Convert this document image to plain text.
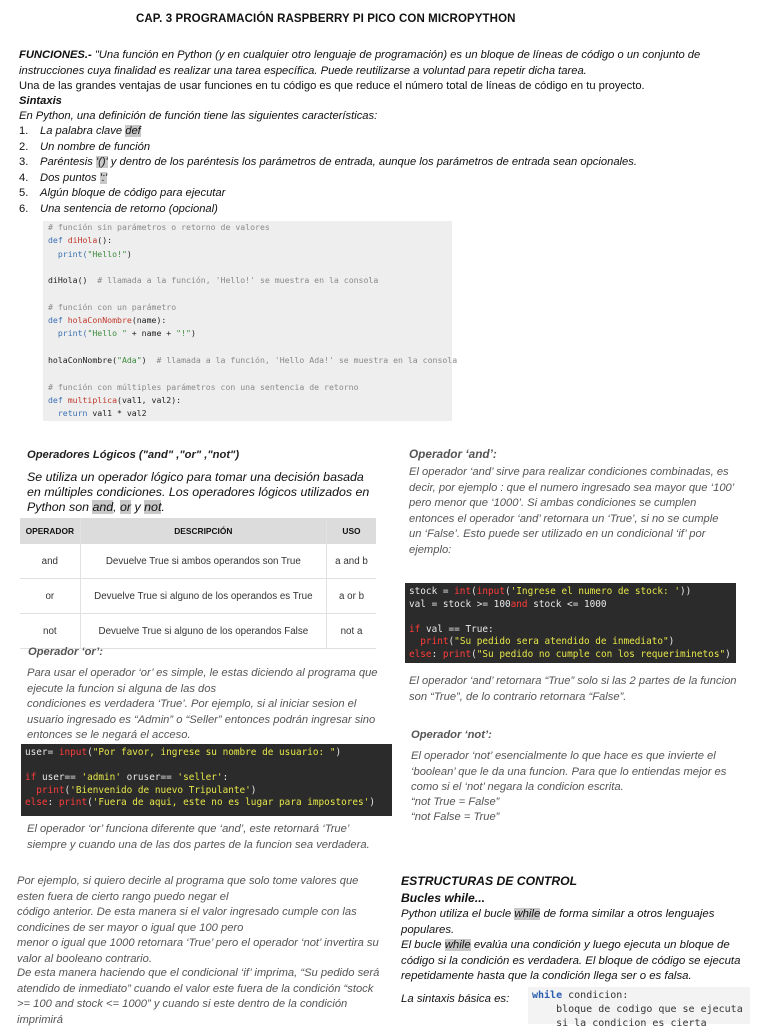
CAP. 3 PROGRAMACIÓN RASPBERRY PI PICO CON MICROPYTHON
FUNCIONES.- "Una función en Python (y en cualquier otro lenguaje de programación) es un bloque de líneas de código o un conjunto de instrucciones cuya finalidad es realizar una tarea específica. Puede reutilizarse a voluntad para repetir dicha tarea.
Una de las grandes ventajas de usar funciones en tu código es que reduce el número total de líneas de código en tu proyecto.
Sintaxis
En Python, una definición de función tiene las siguientes características:
1. La palabra clave def
2. Un nombre de función
3. Paréntesis '()' y dentro de los paréntesis los parámetros de entrada, aunque los parámetros de entrada sean opcionales.
4. Dos puntos ':'
5. Algún bloque de código para ejecutar
6. Una sentencia de retorno (opcional)
# función sin parámetros o retorno de valores
def diHola():
print("Hello!")
diHola()  # llamada a la función, 'Hello!' se muestra en la consola
# función con un parámetro
def holaConNombre(name):
print("Hello " + name + "!")
holaConNombre("Ada")  # llamada a la función, 'Hello Ada!' se muestra en la consola
# función con múltiples parámetros con una sentencia de retorno
def multiplica(val1, val2):
return val1 * val2
Operadores Lógicos ("and" ,"or" ,"not")
Se utiliza un operador lógico para tomar una decisión basada en múltiples condiciones. Los operadores lógicos utilizados en Python son and, or y not.
OPERADOR	DESCRIPCIÓN	USO
and	Devuelve True si ambos operandos son True	a and b
or	Devuelve True si alguno de los operandos es True	a or b
not	Devuelve True si alguno de los operandos False	not a
Operador ‘or’:
Para usar el operador ‘or’ es simple, le estas diciendo al programa que ejecute la funcion si alguna de las dos
condiciones es verdadera ‘True’. Por ejemplo, si al iniciar sesion el usuario ingresado es “Admin” o “Seller” entonces podrán ingresar sino entonces se le negará el acceso.
user= input("Por favor, ingrese su nombre de usuario: ")
if user== 'admin' oruser== 'seller':
print('Bienvenido de nuevo Tripulante')
else: print('Fuera de aqui, este no es lugar para impostores')
El operador ‘or’ funciona diferente que ‘and’, este retornará ‘True’ siempre y cuando una de las dos partes de la funcion sea verdadera.
Operador ‘and’:
El operador ‘and’ sirve para realizar condiciones combinadas, es decir, por ejemplo : que el numero ingresado sea mayor que ‘100’ pero menor que ‘1000’. Si ambas condiciones se cumplen entonces el operador ‘and’ retornara un ‘True’, si no se cumple un ‘False’. Esto puede ser utilizado en un condicional ‘if’ por ejemplo:
stock = int(input('Ingrese el numero de stock: '))
val = stock >= 100and stock <= 1000
if val == True:
print("Su pedido sera atendido de inmediato")
else: print("Su pedido no cumple con los requeriminetos")
El operador ‘and’ retornara “True” solo si las 2 partes de la funcion son “True”, de lo contrario retornara “False”.
Operador ‘not’:
El operador ‘not’ esencialmente lo que hace es que invierte el ‘boolean’ que le da una funcion. Para que lo entiendas mejor es como si el ‘not’ negara la condicion escrita.
“not True = False”
“not False = True”
Por ejemplo, si quiero decirle al programa que solo tome valores que esten fuera de cierto rango puedo negar el
código anterior. De esta manera si el valor ingresado cumple con las condicines de ser mayor o igual que 100 pero
menor o igual que 1000 retornara ‘True’ pero el operador ‘not’ invertira su valor al booleano contrario.
De esta manera haciendo que el condicional ‘if’ imprima, “Su pedido será atendido de inmediato” cuando el valor este fuera de la condición “stock >= 100 and stock <= 1000” y cuando si este dentro de la condición imprimirá
ESTRUCTURAS DE CONTROL
Bucles while...
Python utiliza el bucle while de forma similar a otros lenguajes populares.
El bucle while evalúa una condición y luego ejecuta un bloque de código si la condición es verdadera. El bloque de código se ejecuta repetidamente hasta que la condición llega ser o es falsa.
La sintaxis básica es: while condicion:
bloque de codigo que se ejecuta
si la condicion es cierta
